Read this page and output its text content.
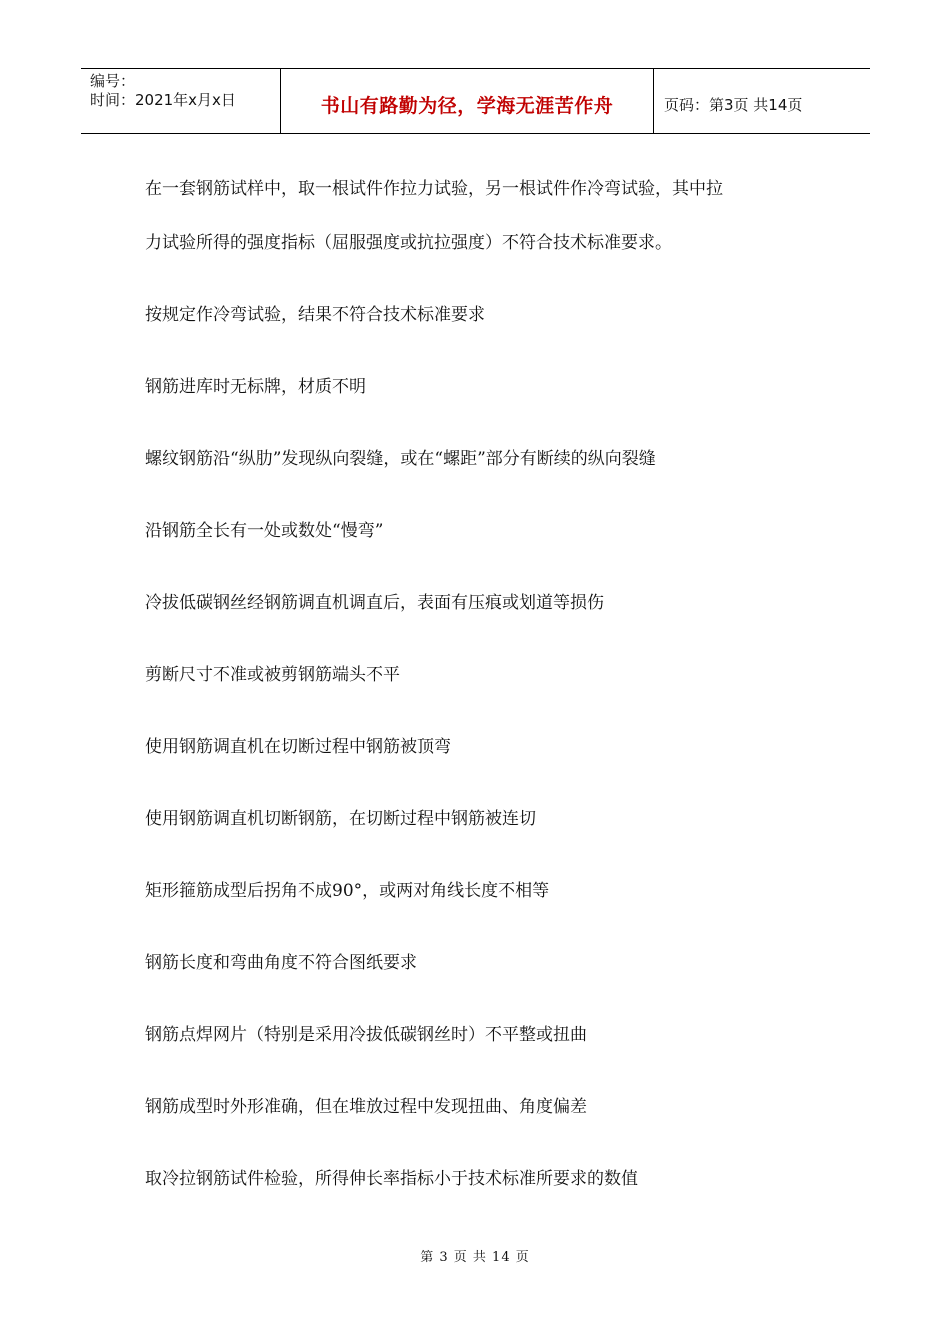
编号：
时间：2021年x月x日	书山有路勤为径，学海无涯苦作舟	页码：第3页 共14页
在一套钢筋试样中，取一根试件作拉力试验，另一根试件作冷弯试验，其中拉
力试验所得的强度指标（屈服强度或抗拉强度）不符合技术标准要求。
按规定作冷弯试验，结果不符合技术标准要求
钢筋进库时无标牌，材质不明
螺纹钢筋沿“纵肋”发现纵向裂缝，或在“螺距”部分有断续的纵向裂缝
沿钢筋全长有一处或数处“慢弯”
冷拔低碳钢丝经钢筋调直机调直后，表面有压痕或划道等损伤
剪断尺寸不准或被剪钢筋端头不平
使用钢筋调直机在切断过程中钢筋被顶弯
使用钢筋调直机切断钢筋，在切断过程中钢筋被连切
矩形箍筋成型后拐角不成90°，或两对角线长度不相等
钢筋长度和弯曲角度不符合图纸要求
钢筋点焊网片（特别是采用冷拔低碳钢丝时）不平整或扭曲
钢筋成型时外形准确，但在堆放过程中发现扭曲、角度偏差
取冷拉钢筋试件检验，所得伸长率指标小于技术标准所要求的数值
第 3 页 共 14 页
